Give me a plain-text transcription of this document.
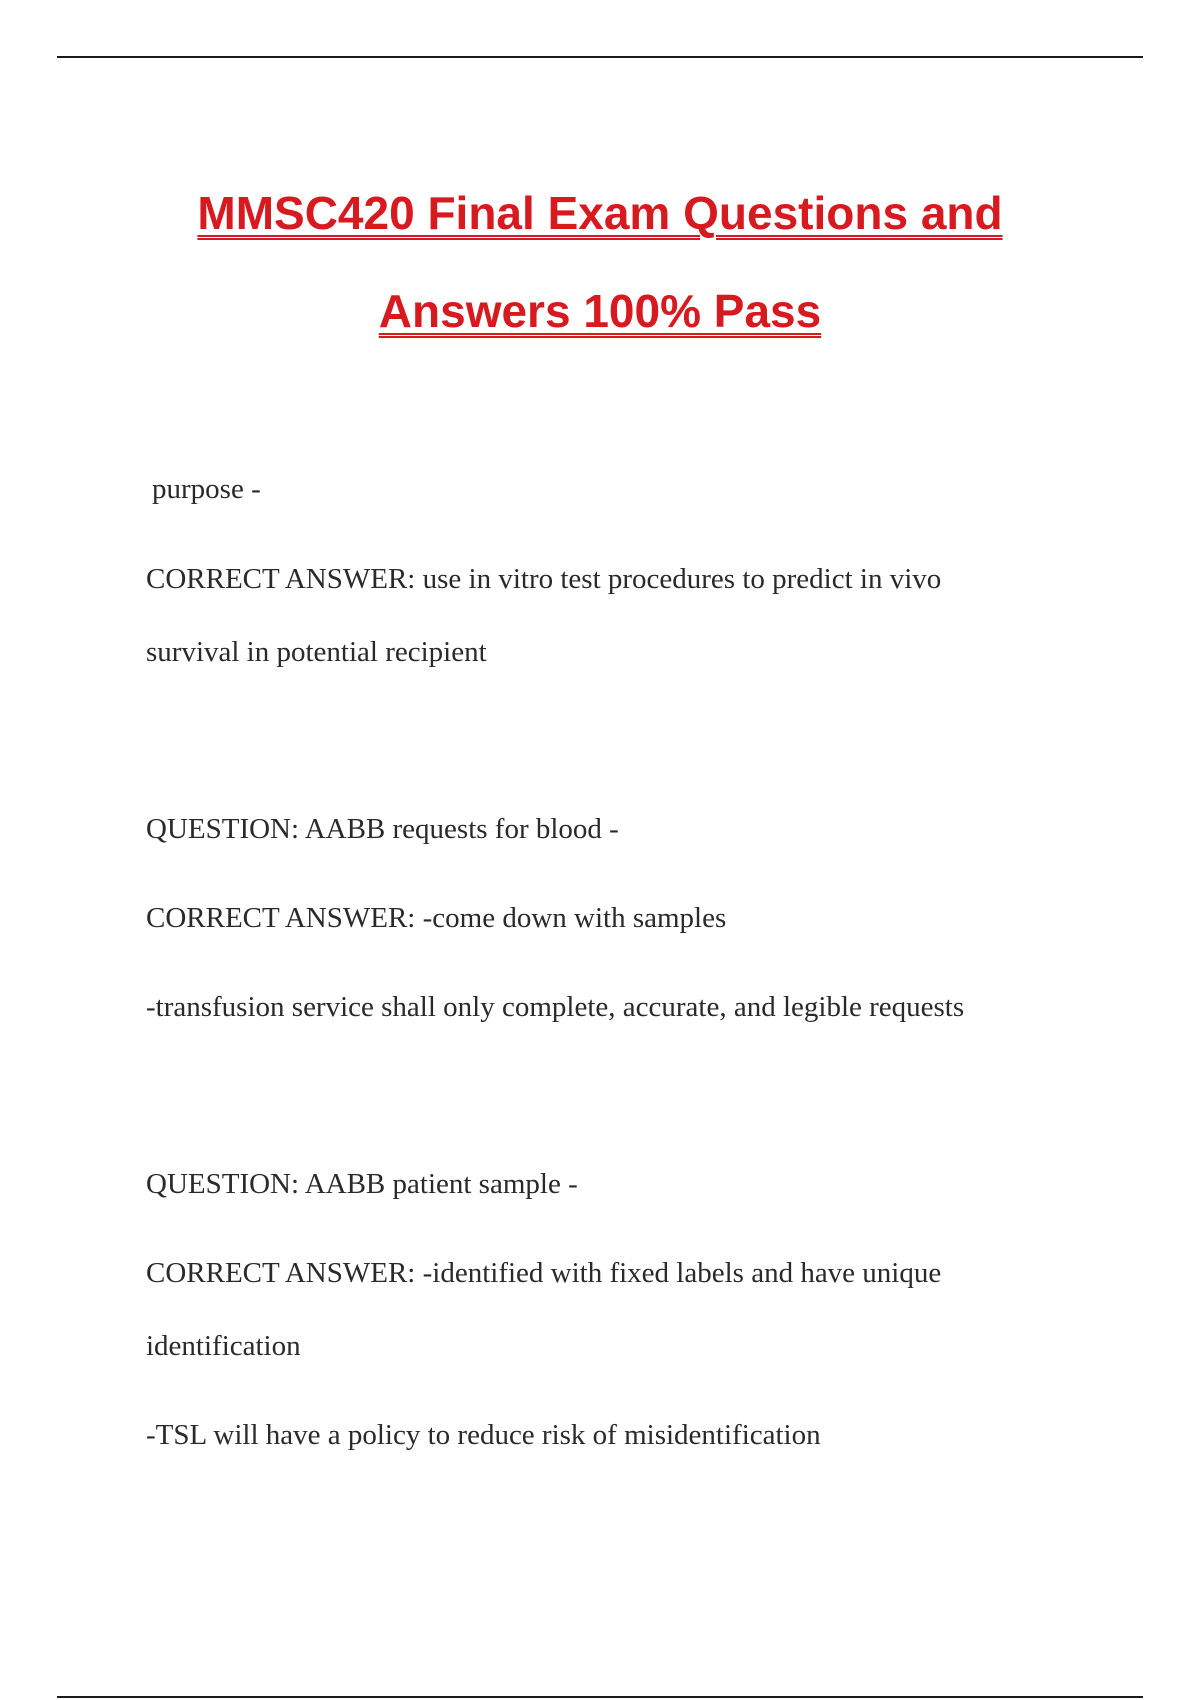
MMSC420 Final Exam Questions and
Answers 100% Pass

purpose -

CORRECT ANSWER: use in vitro test procedures to predict in vivo

survival in potential recipient

QUESTION: AABB requests for blood -

CORRECT ANSWER: -come down with samples

-transfusion service shall only complete, accurate, and legible requests

QUESTION: AABB patient sample -

CORRECT ANSWER: -identified with fixed labels and have unique

identification

-TSL will have a policy to reduce risk of misidentification
